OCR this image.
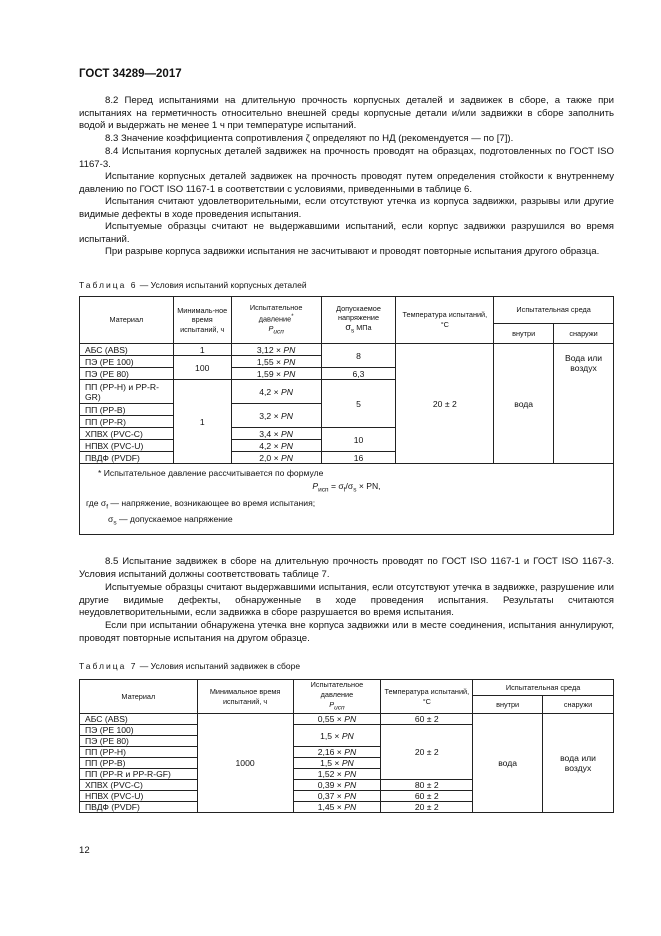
ГОСТ 34289—2017

8.2 Перед испытаниями на длительную прочность корпусных деталей и задвижек в сборе, а также при испытаниях на герметичность относительно внешней среды корпусные детали и/или задвижки в сборе заполнить водой и выдержать не менее 1 ч при температуре испытаний.

8.3 Значение коэффициента сопротивления ζ определяют по НД (рекомендуется — по [7]).

8.4 Испытания корпусных деталей задвижек на прочность проводят на образцах, подготовленных по ГОСТ ISO 1167-3.

Испытание корпусных деталей задвижек на прочность проводят путем определения стойкости к внутреннему давлению по ГОСТ ISO 1167-1 в соответствии с условиями, приведенными в таблице 6.

Испытания считают удовлетворительными, если отсутствуют утечка из корпуса задвижки, разрывы или другие видимые дефекты в ходе проведения испытания.

Испытуемые образцы считают не выдержавшими испытаний, если корпус задвижки разрушился во время испытаний.

При разрыве корпуса задвижки испытания не засчитывают и проводят повторные испытания другого образца.

Таблица 6 — Условия испытаний корпусных деталей
Материал	Минималь-ное время испытаний, ч	Испытательное давление*
$P_{исп}$	Допускаемое напряжение
$\sigma_s$ МПа	Температура испытаний, °С	Испытательная среда	
					внутри	снаружи
АБС (ABS)	1	3,12 × PN	8	20 ± 2	вода	Вода или воздух
ПЭ (PE 100)	100	1,55 × PN				
ПЭ (PE 80)		1,59 × PN	6,3			
ПП (PP-H) и PP-R-GR)	1	4,2 × PN	5			
ПП (PP-B)		3,2 × PN				
ПП (PP-R)						
ХПВХ (PVC-C)		3,4 × PN	10			
НПВХ (PVC-U)		4,2 × PN				
ПВДФ (PVDF)		2,0 × PN	16			

* Испытательное давление рассчитывается по формуле
$P_{исп} = \sigma_f/\sigma_s$ × PN,
где $\sigma_f$ — напряжение, возникающее во время испытания;
$\sigma_s$ — допускаемое напряжение						

8.5 Испытание задвижек в сборе на длительную прочность проводят по ГОСТ ISO 1167-1 и ГОСТ ISO 1167-3. Условия испытаний должны соответствовать таблице 7.

Испытуемые образцы считают выдержавшими испытания, если отсутствуют утечка в задвижке, разрушение или другие видимые дефекты, обнаруженные в ходе проведения испытания. Результаты считаются неудовлетворительными, если задвижка в сборе разрушается во время испытания.

Если при испытании обнаружена утечка вне корпуса задвижки или в месте соединения, испытания аннулируют, проводят повторные испытания на другом образце.

Таблица 7 — Условия испытаний задвижек в сборе
Материал	Минимальное время испытаний, ч	Испытательное давление
$P_{исп}$	Температура испытаний, °С	Испытательная среда	
				внутри	снаружи
АБС (ABS)	1000	0,55 × PN	60 ± 2	вода	вода или воздух
ПЭ (PE 100)		1,5 × PN	20 ± 2		
ПЭ (PE 80)					
ПП (PP-H)		2,16 × PN			
ПП (PP-B)		1,5 × PN			
ПП (PP-R и PP-R-GF)		1,52 × PN			
ХПВХ (PVC-C)		0,39 × PN	80 ± 2		
НПВХ (PVC-U)		0,37 × PN	60 ± 2		
ПВДФ (PVDF)		1,45 × PN	20 ± 2		
12
